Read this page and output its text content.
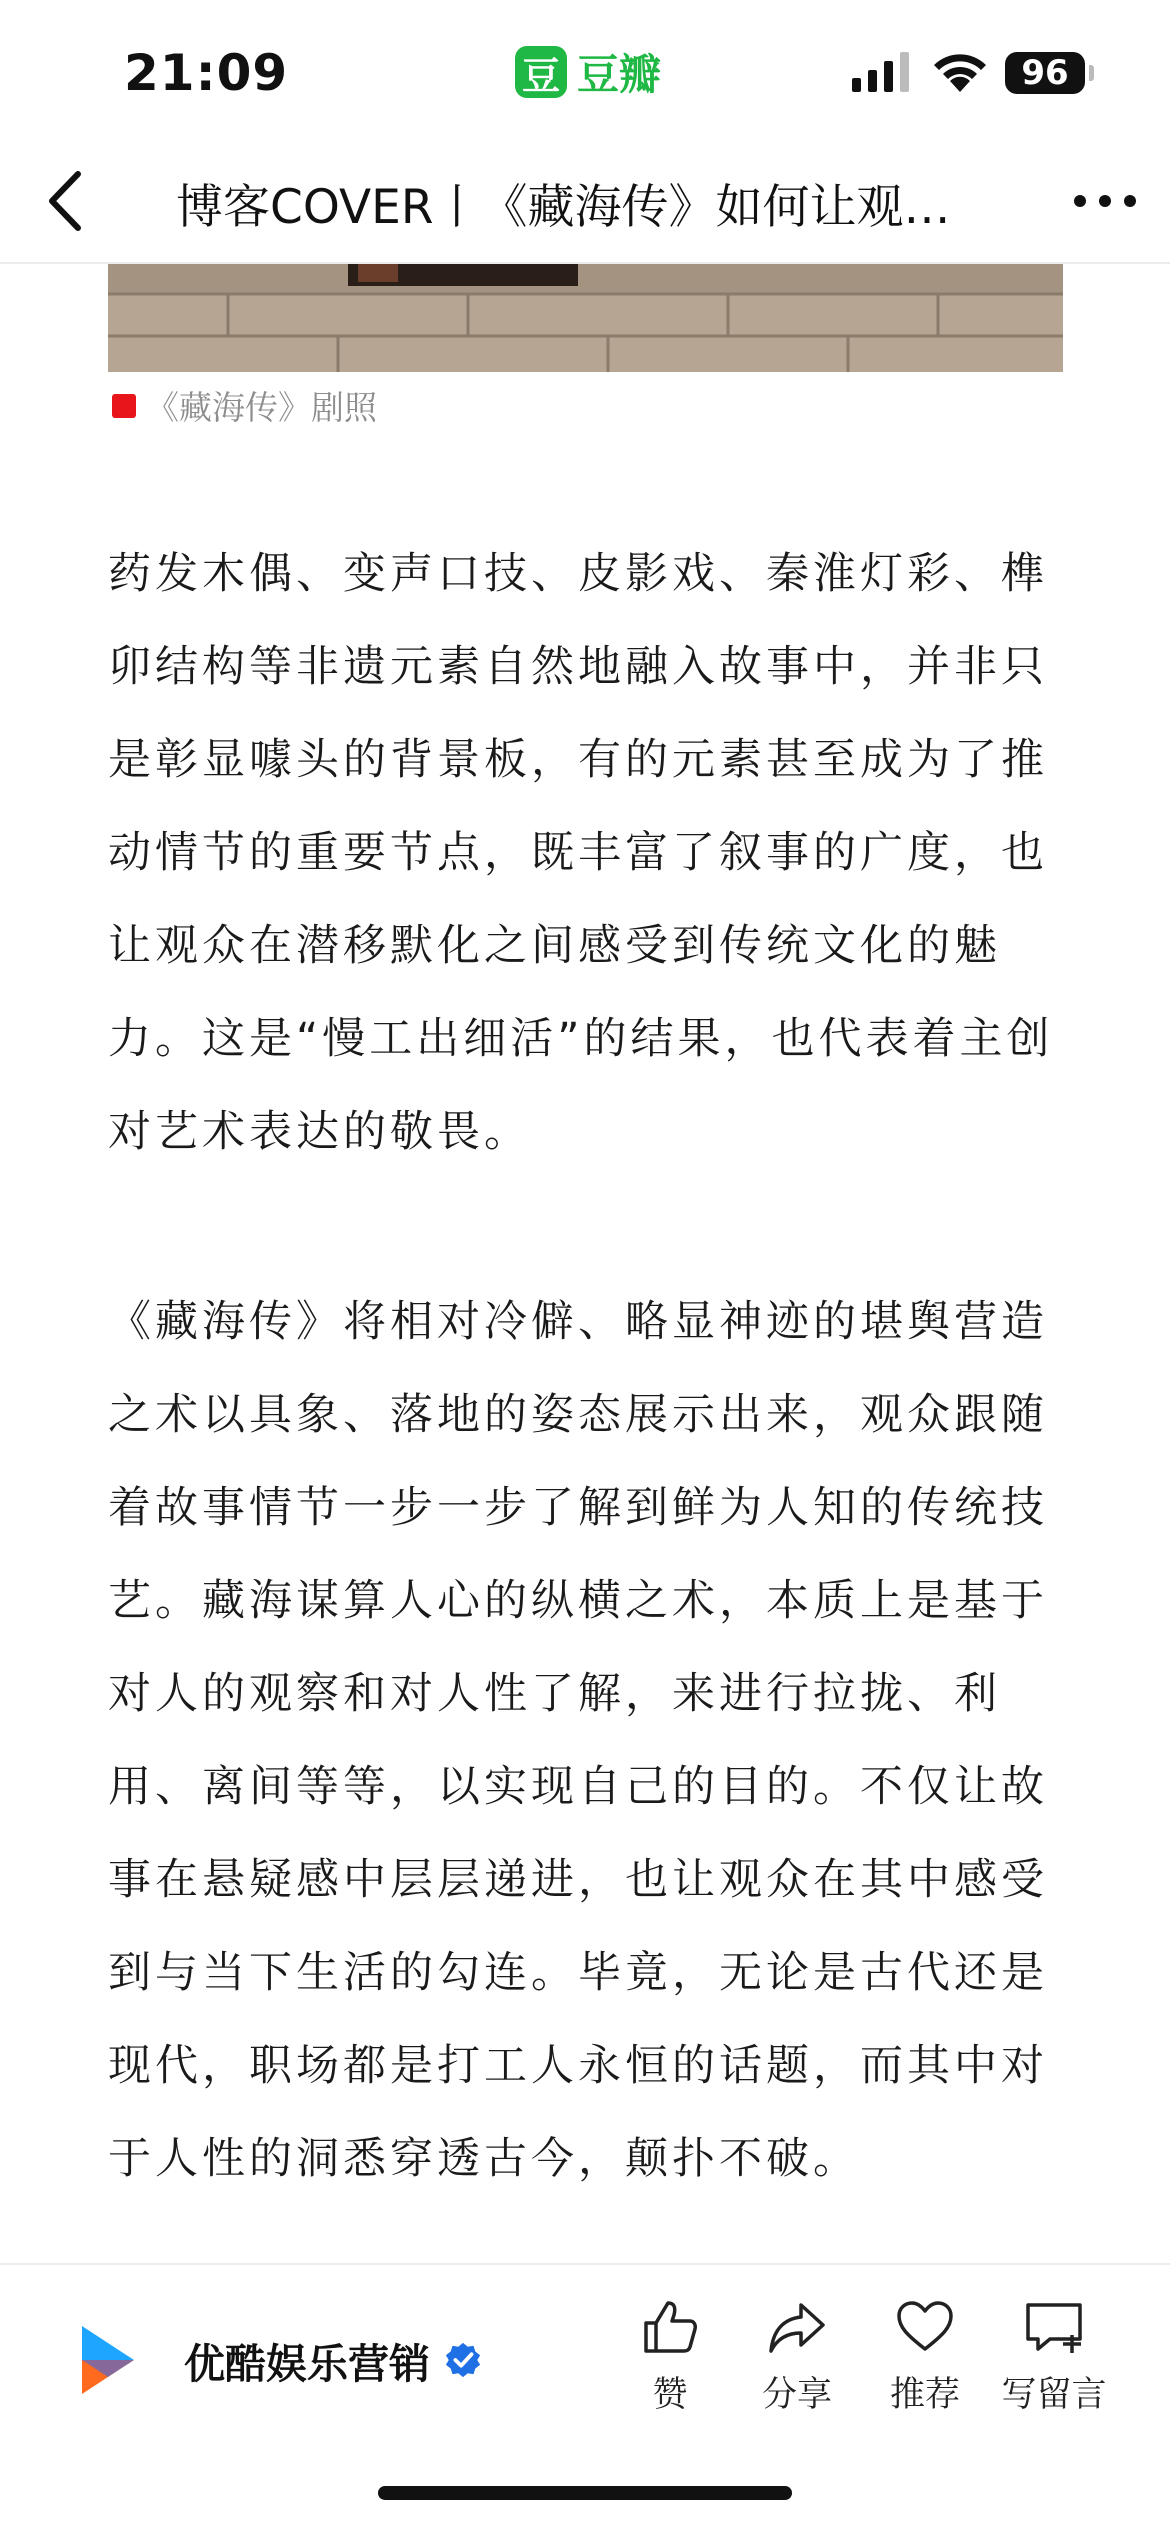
21:09	豆 豆瓣	96
博客COVER丨《藏海传》如何让观…
《藏海传》剧照

药发木偶、变声口技、皮影戏、秦淮灯彩、榫卯结构等非遗元素自然地融入故事中，并非只是彰显噱头的背景板，有的元素甚至成为了推动情节的重要节点，既丰富了叙事的广度，也让观众在潜移默化之间感受到传统文化的魅力。这是“慢工出细活”的结果，也代表着主创对艺术表达的敬畏。

《藏海传》将相对冷僻、略显神迹的堪舆营造之术以具象、落地的姿态展示出来，观众跟随着故事情节一步一步了解到鲜为人知的传统技艺。藏海谋算人心的纵横之术，本质上是基于对人的观察和对人性了解，来进行拉拢、利用、离间等等，以实现自己的目的。不仅让故事在悬疑感中层层递进，也让观众在其中感受到与当下生活的勾连。毕竟，无论是古代还是现代，职场都是打工人永恒的话题，而其中对于人性的洞悉穿透古今，颠扑不破。

优酷娱乐营销
赞 分享 推荐 写留言
